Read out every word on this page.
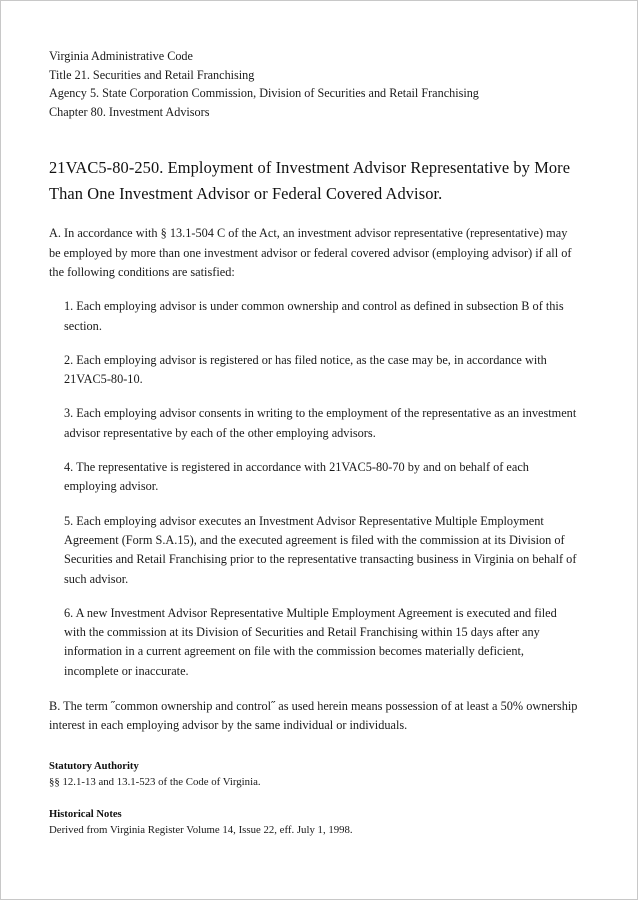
Virginia Administrative Code
Title 21. Securities and Retail Franchising
Agency 5. State Corporation Commission, Division of Securities and Retail Franchising
Chapter 80. Investment Advisors
21VAC5-80-250. Employment of Investment Advisor Representative by More Than One Investment Advisor or Federal Covered Advisor.
A. In accordance with § 13.1-504 C of the Act, an investment advisor representative (representative) may be employed by more than one investment advisor or federal covered advisor (employing advisor) if all of the following conditions are satisfied:
1. Each employing advisor is under common ownership and control as defined in subsection B of this section.
2. Each employing advisor is registered or has filed notice, as the case may be, in accordance with 21VAC5-80-10.
3. Each employing advisor consents in writing to the employment of the representative as an investment advisor representative by each of the other employing advisors.
4. The representative is registered in accordance with 21VAC5-80-70 by and on behalf of each employing advisor.
5. Each employing advisor executes an Investment Advisor Representative Multiple Employment Agreement (Form S.A.15), and the executed agreement is filed with the commission at its Division of Securities and Retail Franchising prior to the representative transacting business in Virginia on behalf of such advisor.
6. A new Investment Advisor Representative Multiple Employment Agreement is executed and filed with the commission at its Division of Securities and Retail Franchising within 15 days after any information in a current agreement on file with the commission becomes materially deficient, incomplete or inaccurate.
B. The term ˝common ownership and control˝ as used herein means possession of at least a 50% ownership interest in each employing advisor by the same individual or individuals.
Statutory Authority
§§ 12.1-13 and 13.1-523 of the Code of Virginia.
Historical Notes
Derived from Virginia Register Volume 14, Issue 22, eff. July 1, 1998.
